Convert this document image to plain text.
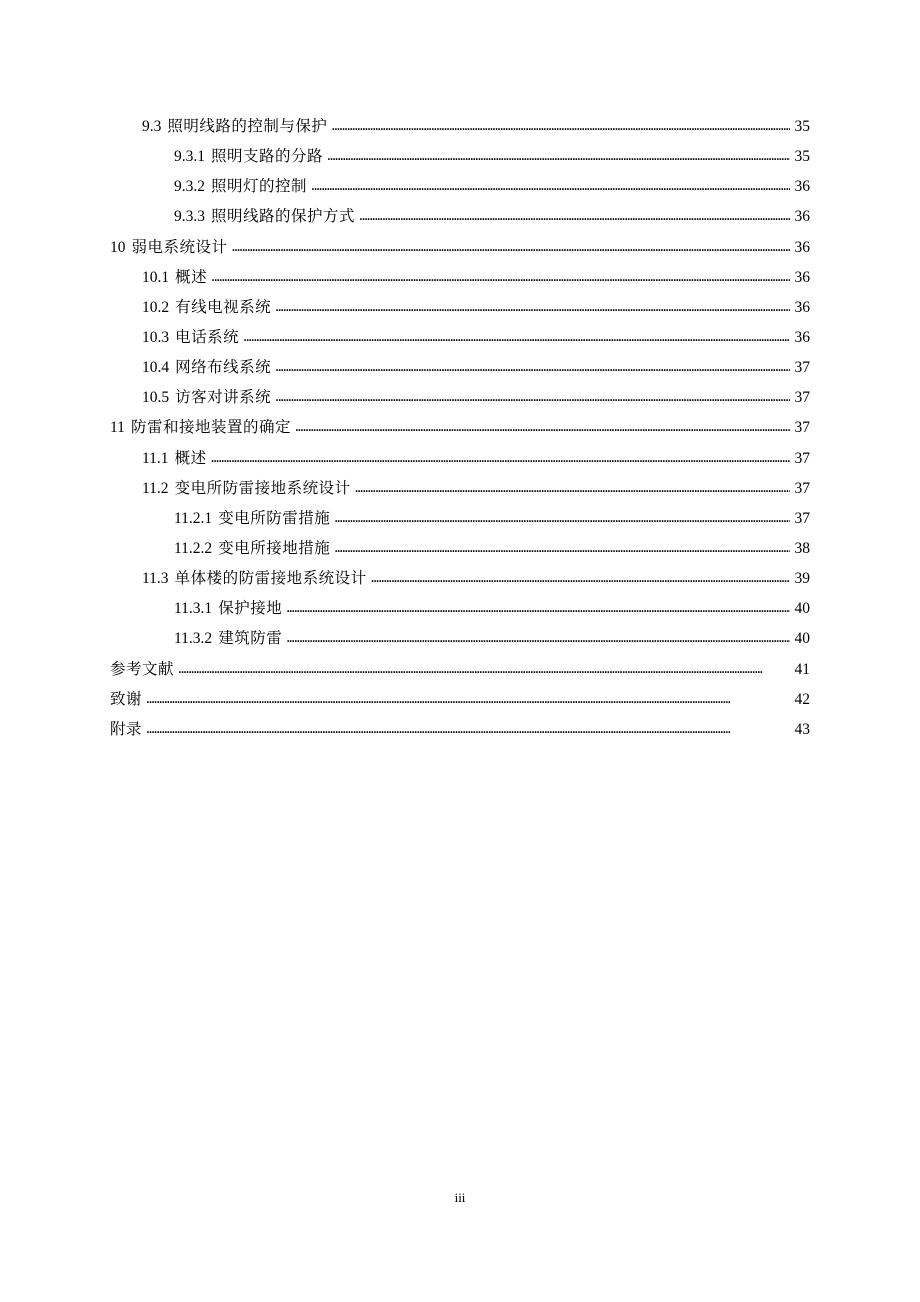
9.3 照明线路的控制与保护 . . .	35
9.3.1 照明支路的分路 . . .	35
9.3.2 照明灯的控制 . . .	36
9.3.3 照明线路的保护方式 . . .	36
10 弱电系统设计 . . .	36
10.1 概述 . . .	36
10.2 有线电视系统 . . .	36
10.3 电话系统 . . .	36
10.4 网络布线系统 . . .	37
10.5 访客对讲系统 . . .	37
11 防雷和接地装置的确定 . . .	37
11.1 概述 . . .	37
11.2 变电所防雷接地系统设计 . . .	37
11.2.1 变电所防雷措施 . . .	37
11.2.2 变电所接地措施 . . .	38
11.3 单体楼的防雷接地系统设计 . . .	39
11.3.1 保护接地 . . .	40
11.3.2 建筑防雷 . . .	40
参考文献 . . .	41
致谢 . . .	42
附录 . . .	43
iii
